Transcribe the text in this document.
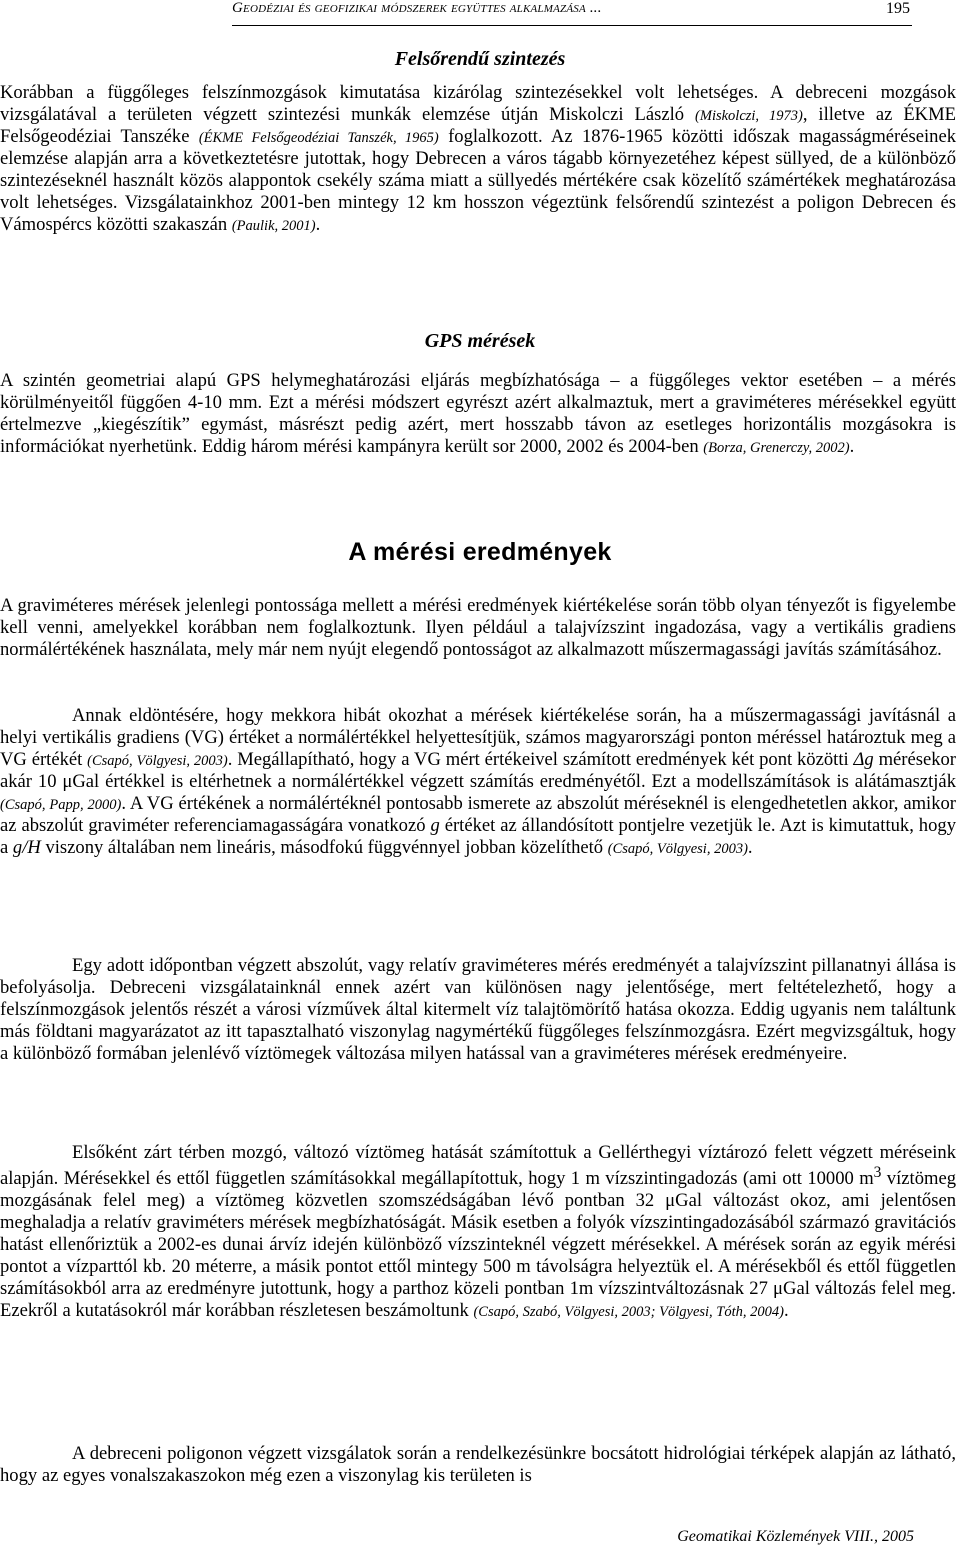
Geodéziai és geofizikai módszerek együttes alkalmazása ...	195
Felsőrendű szintezés

Korábban a függőleges felszínmozgások kimutatása kizárólag szintezésekkel volt lehetséges. A debreceni mozgások vizsgálatával a területen végzett szintezési munkák elemzése útján Miskolczi László (Miskolczi, 1973), illetve az ÉKME Felsőgeodéziai Tanszéke (ÉKME Felsőgeodéziai Tanszék, 1965) foglalkozott. Az 1876-1965 közötti időszak magasságméréseinek elemzése alapján arra a következtetésre jutottak, hogy Debrecen a város tágabb környezetéhez képest süllyed, de a különböző szintezéseknél használt közös alappontok csekély száma miatt a süllyedés mértékére csak közelítő számértékek meghatározása volt lehetséges. Vizsgálatainkhoz 2001-ben mintegy 12 km hosszon végeztünk felsőrendű szintezést a poligon Debrecen és Vámospércs közötti szakaszán (Paulik, 2001).

GPS mérések

A szintén geometriai alapú GPS helymeghatározási eljárás megbízhatósága – a függőleges vektor esetében – a mérés körülményeitől függően 4-10 mm. Ezt a mérési módszert egyrészt azért alkalmaztuk, mert a graviméteres mérésekkel együtt értelmezve „kiegészítik” egymást, másrészt pedig azért, mert hosszabb távon az esetleges horizontális mozgásokra is információkat nyerhetünk. Eddig három mérési kampányra került sor 2000, 2002 és 2004-ben (Borza, Grenerczy, 2002).

A mérési eredmények

A graviméteres mérések jelenlegi pontossága mellett a mérési eredmények kiértékelése során több olyan tényezőt is figyelembe kell venni, amelyekkel korábban nem foglalkoztunk. Ilyen például a talajvízszint ingadozása, vagy a vertikális gradiens normálértékének használata, mely már nem nyújt elegendő pontosságot az alkalmazott műszermagassági javítás számításához.

Annak eldöntésére, hogy mekkora hibát okozhat a mérések kiértékelése során, ha a műszermagassági javításnál a helyi vertikális gradiens (VG) értéket a normálértékkel helyettesítjük, számos magyarországi ponton méréssel határoztuk meg a VG értékét (Csapó, Völgyesi, 2003). Megállapítható, hogy a VG mért értékeivel számított eredmények két pont közötti Δg mérésekor akár 10 μGal értékkel is eltérhetnek a normálértékkel végzett számítás eredményétől. Ezt a modellszámítások is alátámasztják (Csapó, Papp, 2000). A VG értékének a normálértéknél pontosabb ismerete az abszolút méréseknél is elengedhetetlen akkor, amikor az abszolút graviméter referenciamagasságára vonatkozó g értéket az állandósított pontjelre vezetjük le. Azt is kimutattuk, hogy a g/H viszony általában nem lineáris, másodfokú függvénnyel jobban közelíthető (Csapó, Völgyesi, 2003).

Egy adott időpontban végzett abszolút, vagy relatív graviméteres mérés eredményét a talajvízszint pillanatnyi állása is befolyásolja. Debreceni vizsgálatainknál ennek azért van különösen nagy jelentősége, mert feltételezhető, hogy a felszínmozgások jelentős részét a városi vízművek által kitermelt víz talajtömörítő hatása okozza. Eddig ugyanis nem találtunk más földtani magyarázatot az itt tapasztalható viszonylag nagymértékű függőleges felszínmozgásra. Ezért megvizsgáltuk, hogy a különböző formában jelenlévő víztömegek változása milyen hatással van a graviméteres mérések eredményeire.

Elsőként zárt térben mozgó, változó víztömeg hatását számítottuk a Gellérthegyi víztározó felett végzett méréseink alapján. Mérésekkel és ettől független számításokkal megállapítottuk, hogy 1 m vízszintingadozás (ami ott 10000 $m^3$ víztömeg mozgásának felel meg) a víztömeg közvetlen szomszédságában lévő pontban 32 μGal változást okoz, ami jelentősen meghaladja a relatív graviméters mérések megbízhatóságát. Másik esetben a folyók vízszintingadozásából származó gravitációs hatást ellenőriztük a 2002-es dunai árvíz idején különböző vízszinteknél végzett mérésekkel. A mérések során az egyik mérési pontot a vízparttól kb. 20 méterre, a másik pontot ettől mintegy 500 m távolságra helyeztük el. A mérésekből és ettől független számításokból arra az eredményre jutottunk, hogy a parthoz közeli pontban 1m vízszintváltozásnak 27 μGal változás felel meg. Ezekről a kutatásokról már korábban részletesen beszámoltunk (Csapó, Szabó, Völgyesi, 2003; Völgyesi, Tóth, 2004).

A debreceni poligonon végzett vizsgálatok során a rendelkezésünkre bocsátott hidrológiai térképek alapján az látható, hogy az egyes vonalszakaszokon még ezen a viszonylag kis területen is

Geomatikai Közlemények VIII., 2005
